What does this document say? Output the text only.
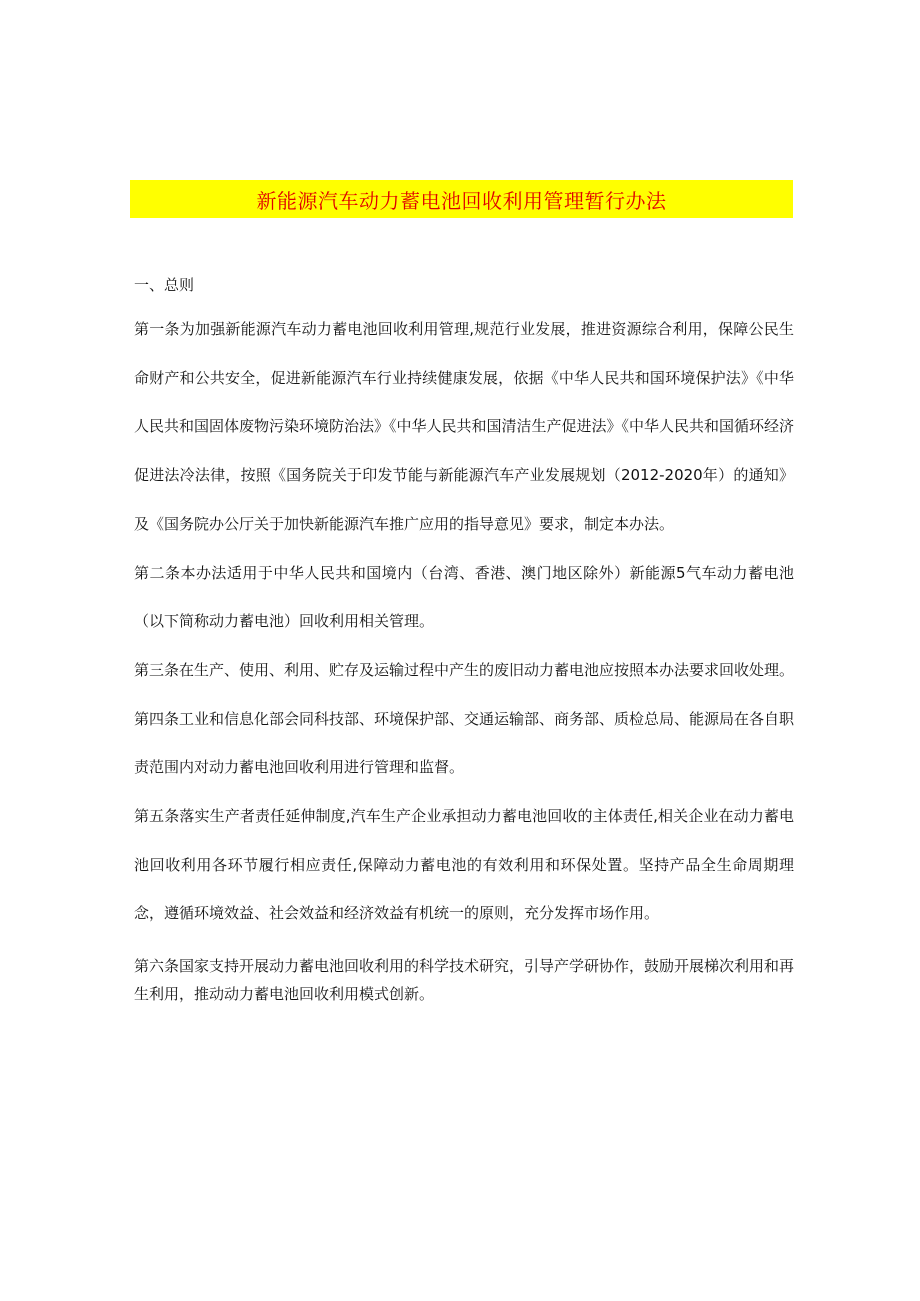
新能源汽车动力蓄电池回收利用管理暂行办法

一、总则

第一条为加强新能源汽车动力蓄电池回收利用管理,规范行业发展，推进资源综合利用，保障公民生命财产和公共安全，促进新能源汽车行业持续健康发展，依据《中华人民共和国环境保护法》《中华人民共和国固体废物污染环境防治法》《中华人民共和国清洁生产促进法》《中华人民共和国循环经济促进法冷法律，按照《国务院关于印发节能与新能源汽车产业发展规划（2012-2020年）的通知》及《国务院办公厅关于加快新能源汽车推广应用的指导意见》要求，制定本办法。

第二条本办法适用于中华人民共和国境内（台湾、香港、澳门地区除外）新能源5气车动力蓄电池（以下简称动力蓄电池）回收利用相关管理。

第三条在生产、使用、利用、贮存及运输过程中产生的废旧动力蓄电池应按照本办法要求回收处理。

第四条工业和信息化部会同科技部、环境保护部、交通运输部、商务部、质检总局、能源局在各自职责范围内对动力蓄电池回收利用进行管理和监督。

第五条落实生产者责任延伸制度,汽车生产企业承担动力蓄电池回收的主体责任,相关企业在动力蓄电池回收利用各环节履行相应责任,保障动力蓄电池的有效利用和环保处置。坚持产品全生命周期理念，遵循环境效益、社会效益和经济效益有机统一的原则，充分发挥市场作用。

第六条国家支持开展动力蓄电池回收利用的科学技术研究，引导产学研协作，鼓励开展梯次利用和再生利用，推动动力蓄电池回收利用模式创新。
